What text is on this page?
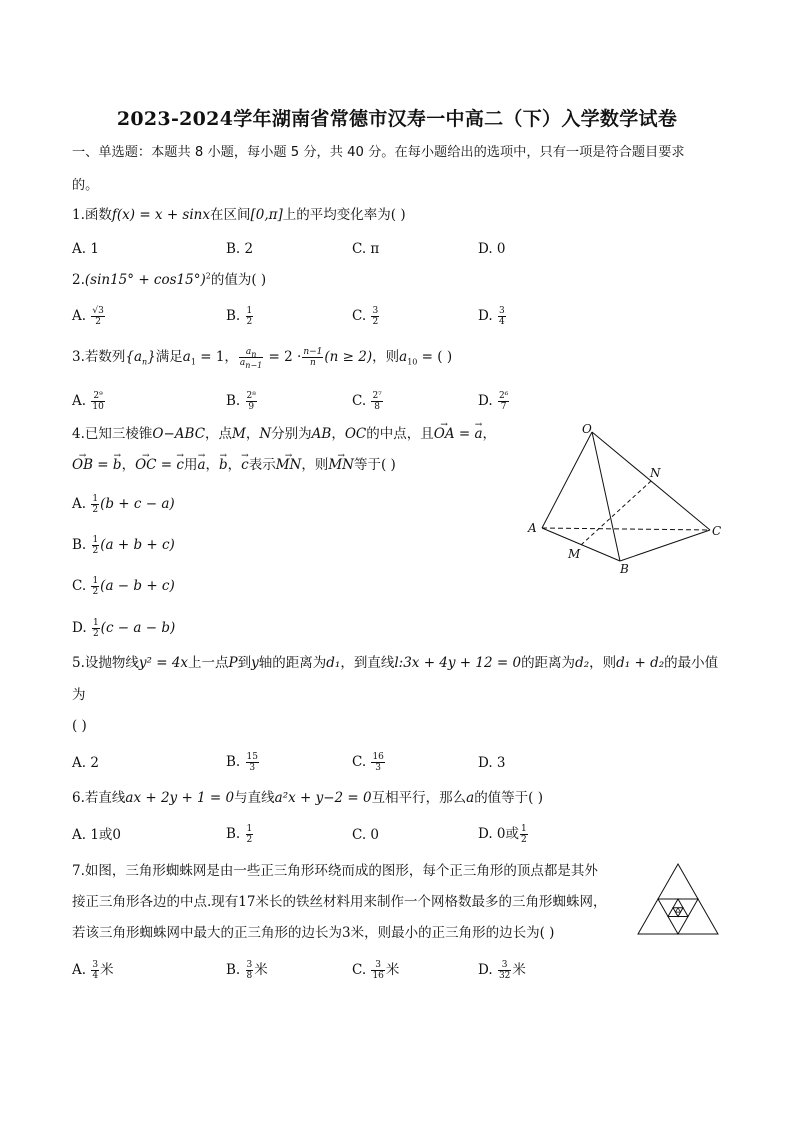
2023-2024学年湖南省常德市汉寿一中高二（下）入学数学试卷
一、单选题：本题共 8 小题，每小题 5 分，共 40 分。在每小题给出的选项中，只有一项是符合题目要求
的。
1.函数f(x) = x + sinx在区间[0,π]上的平均变化率为( )
A. 1	B. 2	C. π	D. 0
$2.(\sin 15^\circ + \cos 15^\circ)^2$的值为( )
A. $\frac{√3}{2}$	B. $\frac{1}{2}$	C. $\frac{3}{2}$	D. $\frac{3}{4}$
3.若数列$\{a_n\}$满足$a_1 = 1$， $\frac{a_n}{a_{n-1}} = 2 \cdot \frac{n-1}{n} (n \ge 2)$，则$a_{10}$ = ( )
A. $\frac{\text{2⁹}}{10}$	B. $\frac{\text{2⁸}}{9}$	C. $\frac{\text{2⁷}}{8}$	D. $\frac{\text{2⁶}}{7}$
4.已知三棱锥O−ABC，点M，N分别为AB，OC的中点，且→ OA = → a，
→ OB = → b，→ OC = → c用→ a，→ b，→ c表示→ MN，则→ MN等于( )
A. $\frac{1}{2} (b + c - a)$
B. $\frac{1}{2} (a + b + c)$
C. $\frac{1}{2} (a - b + c)$
D. $\frac{1}{2} (c - a - b)$
O
N
A	C
M
B
5.设抛物线y² = 4x上一点P到y轴的距离为d₁，到直线l:3x + 4y + 12 = 0的距离为d₂，则d₁ + d₂的最小值
为
( )
A. 2	B. $\frac{15}{3}$	C. $\frac{16}{3}$	D. 3
6.若直线ax + 2y + 1 = 0与直线a²x + y−2 = 0互相平行，那么a的值等于( )
A. 1或0	B. $\frac{1}{2}$	C. 0	D. 0或 $\frac{1}{2}$
7.如图，三角形蜘蛛网是由一些正三角形环绕而成的图形，每个正三角形的顶点都是其外
接正三角形各边的中点.现有17米长的铁丝材料用来制作一个网格数最多的三角形蜘蛛网，
若该三角形蜘蛛网中最大的正三角形的边长为3米，则最小的正三角形的边长为( )
A. $\frac{3}{4}$ 米	B. $\frac{3}{8}$ 米	C. $\frac{3}{16}$ 米	D. $\frac{3}{32}$ 米
